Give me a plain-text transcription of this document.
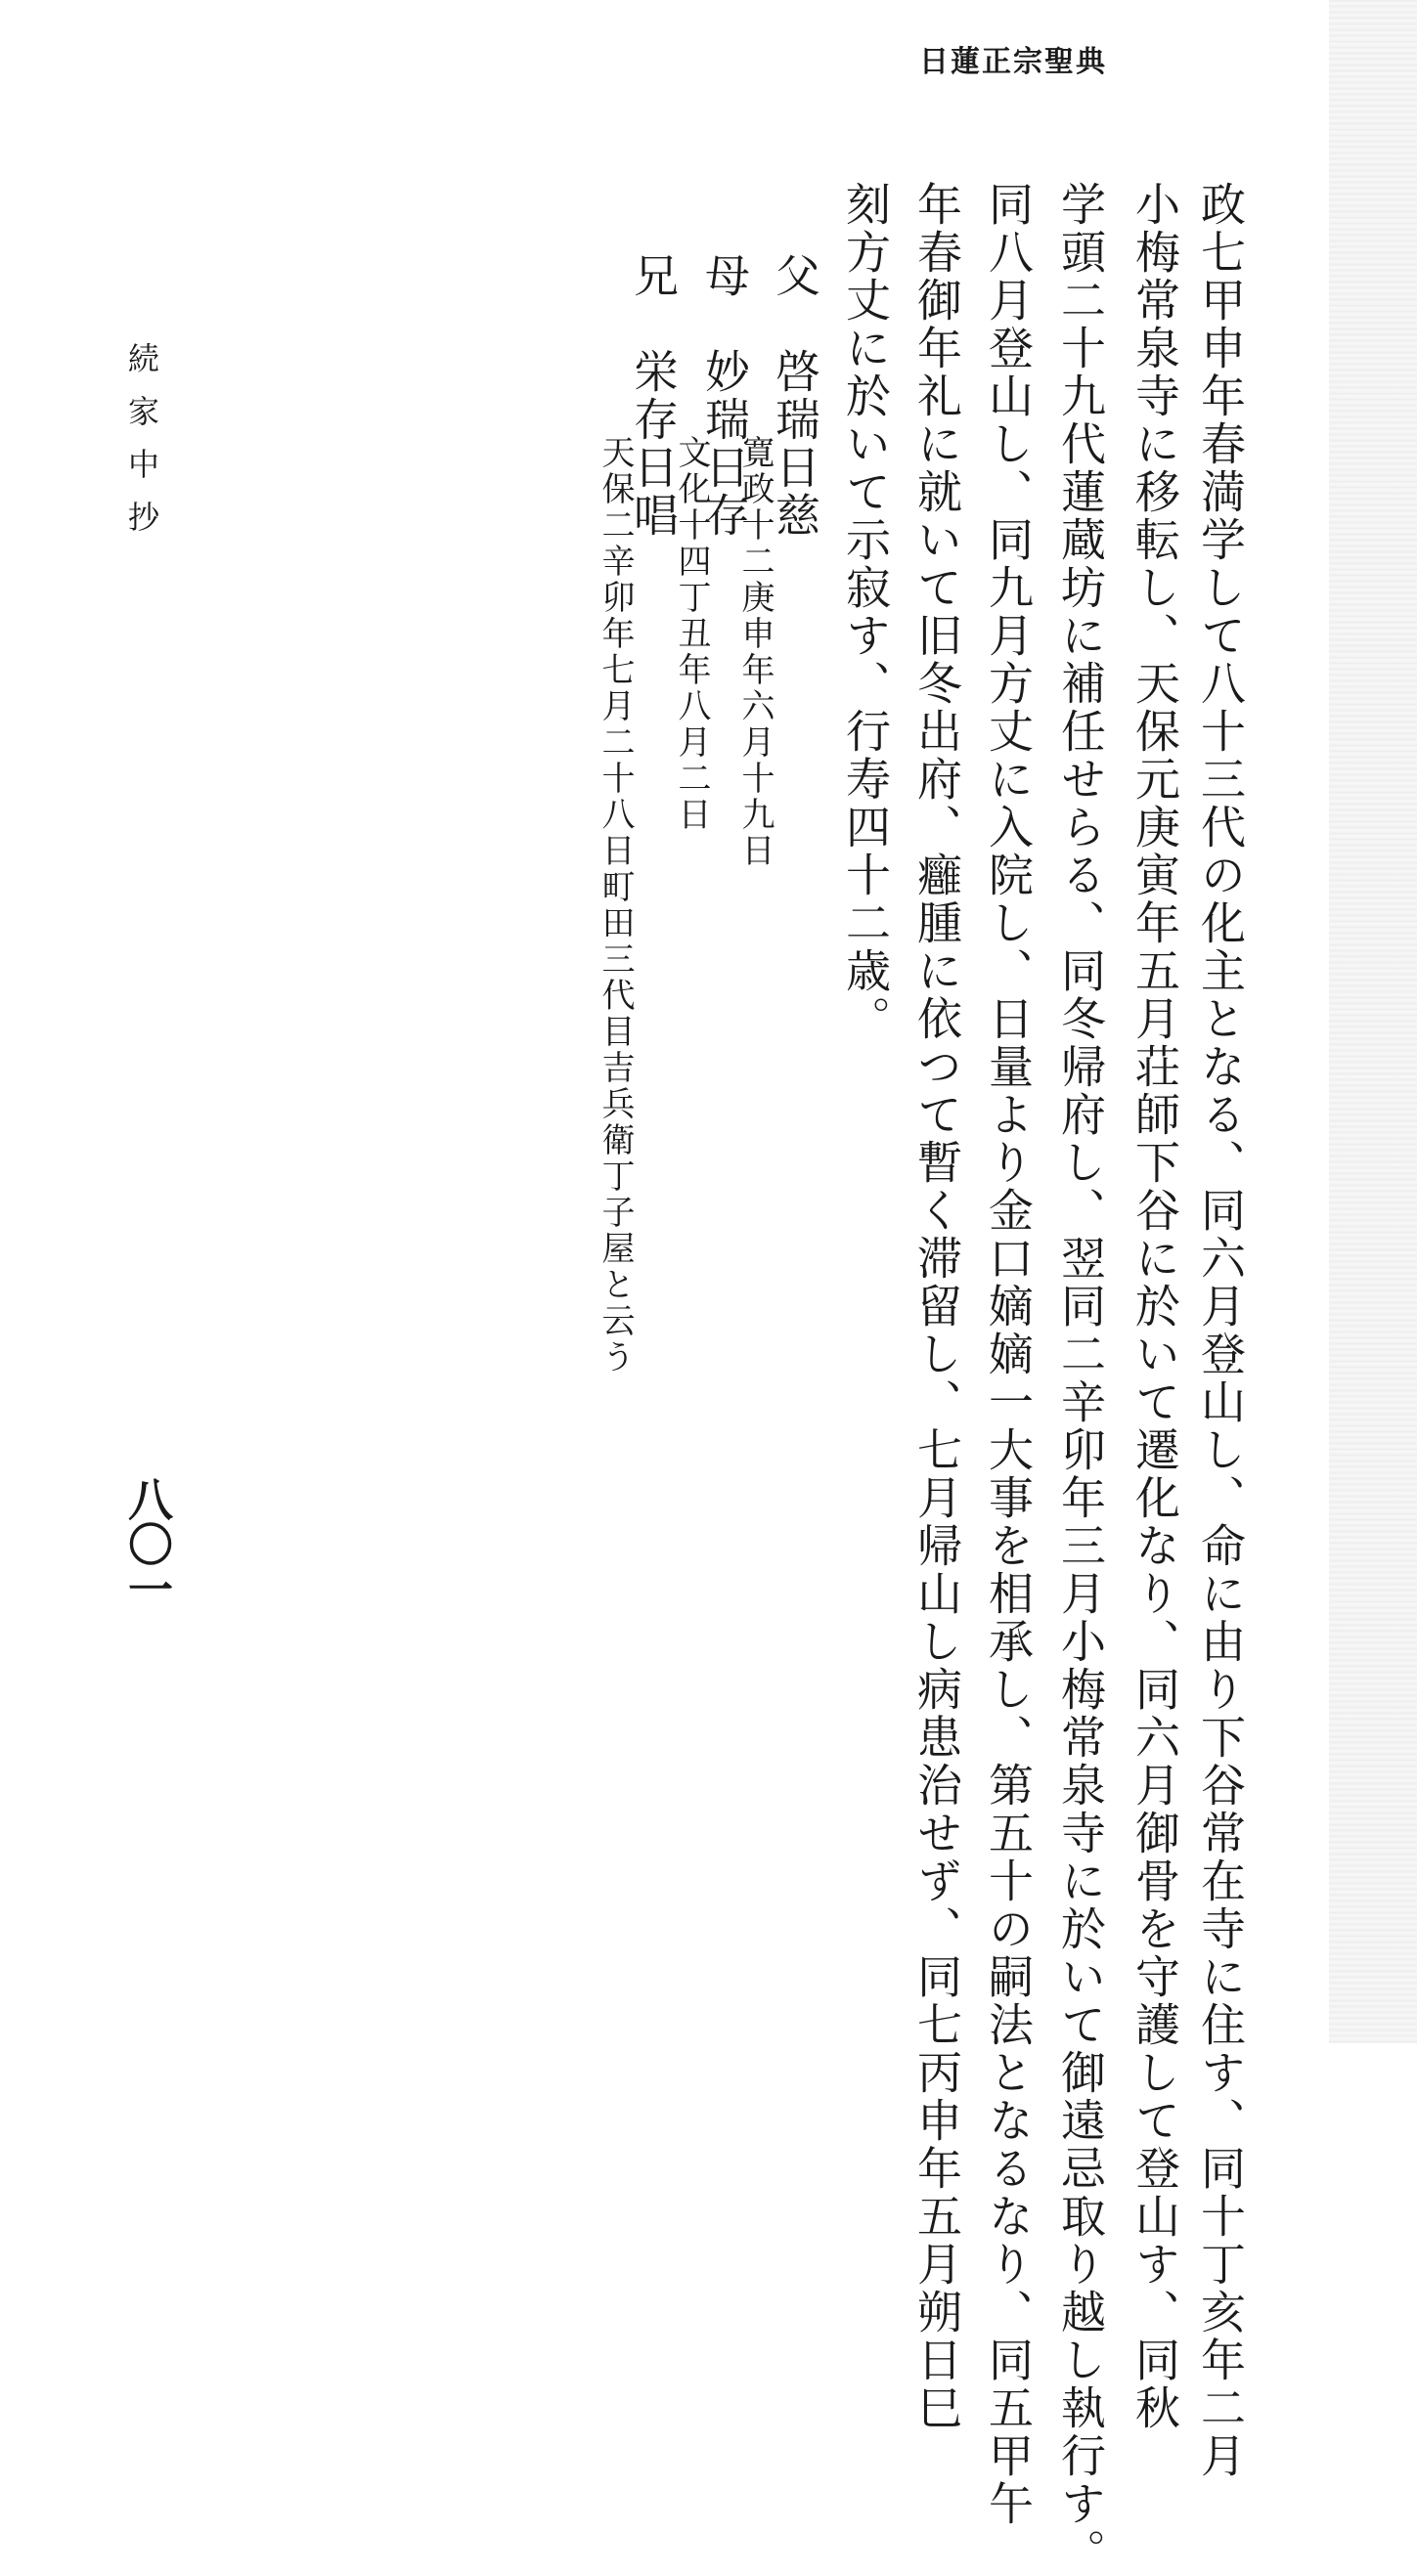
日蓮正宗聖典
政七甲申年春満学して八十三代の化主となる、同六月登山し、命に由り下谷常在寺に住す、同十丁亥年二月
小梅常泉寺に移転し、天保元庚寅年五月荘師下谷に於いて遷化なり、同六月御骨を守護して登山す、同秋
学頭二十九代蓮蔵坊に補任せらる、同冬帰府し、翌同二辛卯年三月小梅常泉寺に於いて御遠忌取り越し執行す。
同八月登山し、同九月方丈に入院し、日量より金口嫡嫡一大事を相承し、第五十の嗣法となるなり、同五甲午
年春御年礼に就いて旧冬出府、癰腫に依つて暫く滞留し、七月帰山し病患治せず、同七丙申年五月朔日巳
刻方丈に於いて示寂す、行寿四十二歳。
父　啓瑞日慈
寛政十二庚申年六月十九日
母　妙瑞日存
文化十四丁丑年八月二日
兄　栄存日唱
天保二辛卯年七月二十八日町田三代目吉兵衛丁子屋と云う
続家中抄
八〇一
